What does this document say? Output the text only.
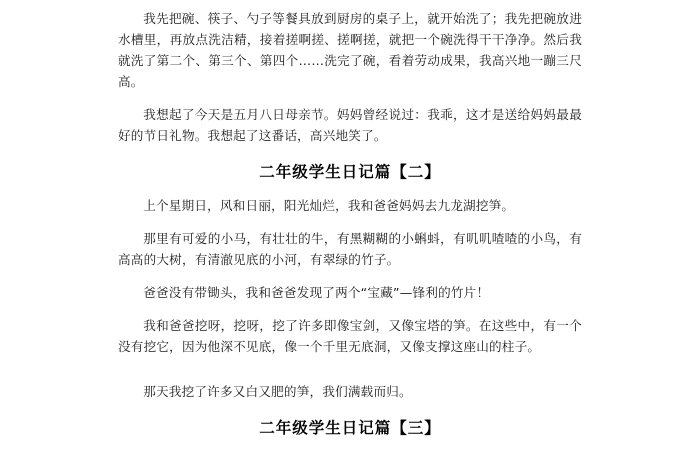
我先把碗、筷子、勺子等餐具放到厨房的桌子上，就开始洗了；我先把碗放进水槽里，再放点洗洁精，接着搓啊搓、搓啊搓，就把一个碗洗得干干净净。然后我就洗了第二个、第三个、第四个……洗完了碗，看着劳动成果，我高兴地一蹦三尺高。

我想起了今天是五月八日母亲节。妈妈曾经说过：我乖，这才是送给妈妈最最好的节日礼物。我想起了这番话，高兴地笑了。

二年级学生日记篇【二】

上个星期日，风和日丽，阳光灿烂，我和爸爸妈妈去九龙湖挖笋。

那里有可爱的小马，有壮壮的牛，有黑糊糊的小蝌蚪，有叽叽喳喳的小鸟，有高高的大树，有清澈见底的小河，有翠绿的竹子。

爸爸没有带锄头，我和爸爸发现了两个“宝藏”—锋利的竹片！

我和爸爸挖呀，挖呀，挖了许多即像宝剑，又像宝塔的笋。在这些中，有一个没有挖它，因为他深不见底，像一个千里无底洞，又像支撑这座山的柱子。

那天我挖了许多又白又肥的笋，我们满载而归。

二年级学生日记篇【三】
